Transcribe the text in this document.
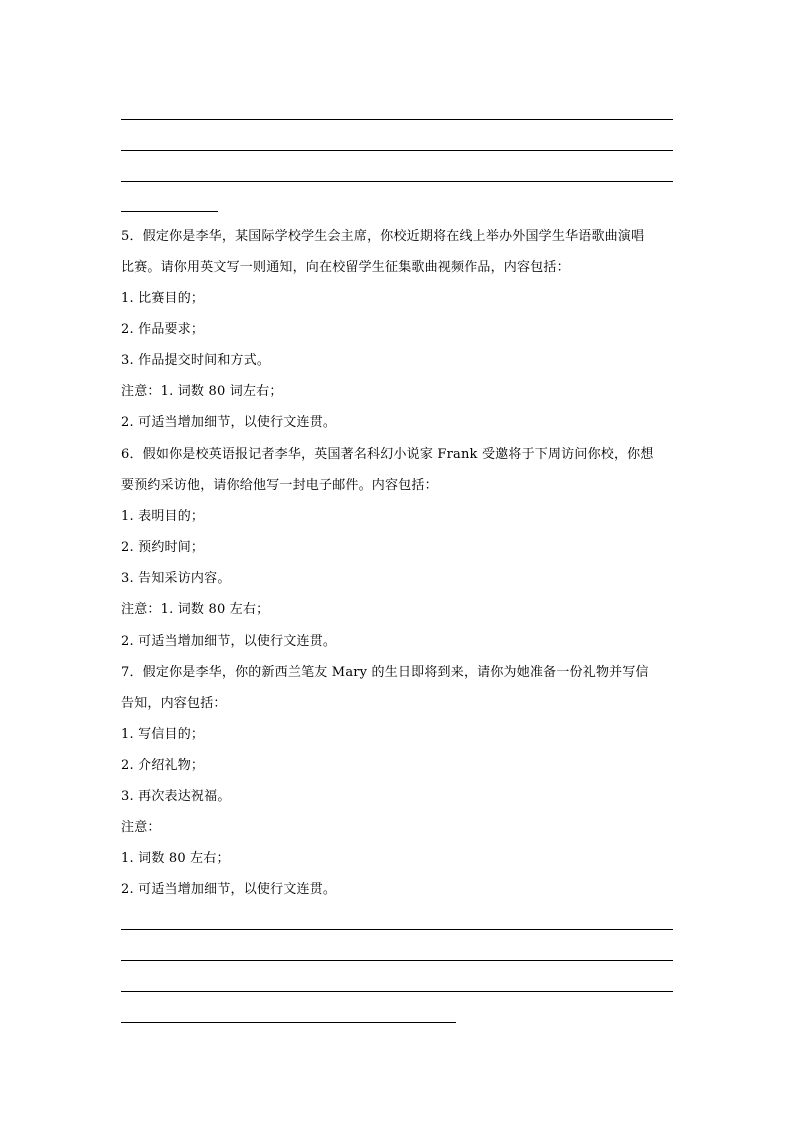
5．假定你是李华，某国际学校学生会主席，你校近期将在线上举办外国学生华语歌曲演唱
比赛。请你用英文写一则通知，向在校留学生征集歌曲视频作品，内容包括：
1. 比赛目的；
2. 作品要求；
3. 作品提交时间和方式。
注意：1. 词数 80 词左右；
2. 可适当增加细节，以使行文连贯。
6．假如你是校英语报记者李华，英国著名科幻小说家 Frank 受邀将于下周访问你校，你想
要预约采访他，请你给他写一封电子邮件。内容包括：
1. 表明目的；
2. 预约时间；
3. 告知采访内容。
注意：1. 词数 80 左右；
2. 可适当增加细节，以使行文连贯。
7．假定你是李华，你的新西兰笔友 Mary 的生日即将到来，请你为她准备一份礼物并写信
告知，内容包括：
1. 写信目的；
2. 介绍礼物；
3. 再次表达祝福。
注意：
1. 词数 80 左右；
2. 可适当增加细节，以使行文连贯。
